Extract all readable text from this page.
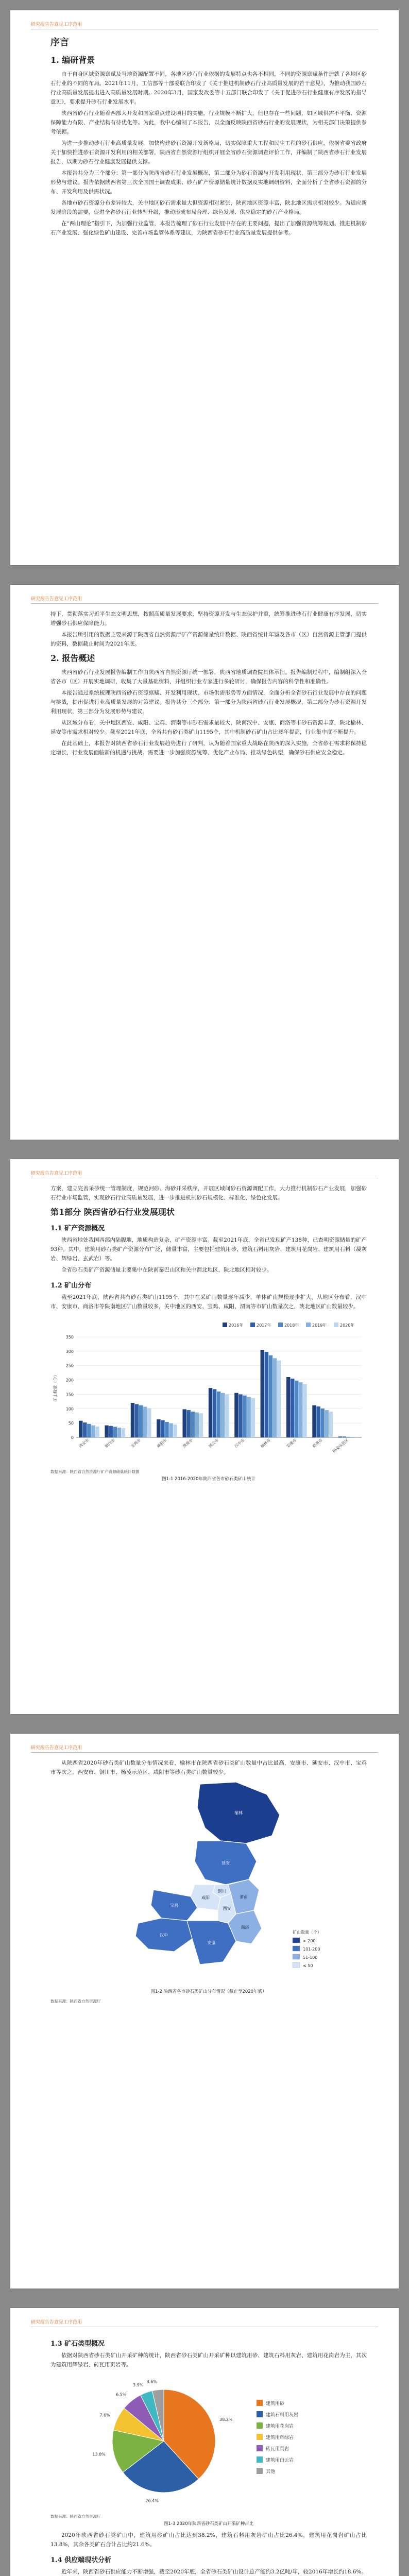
研究报告告意见工序范用
序言
1. 编研背景

由于自身区域资源禀赋及当地资源配置不同，各地区砂石行业依据的发展特点也各不相同，不同的资源禀赋条件造就了各地区砂石行业的不同的布局。2021年11月，工信部等十部委联合印发了《关于推进机制砂石行业高质量发展的若干意见》，为推动我国砂石行业高质量发展提出进入高质量发展时期。2020年3月，国家发改委等十五部门联合印发了《关于促进砂石行业健康有序发展的指导意见》，要求提升砂石行业发展水平。

陕西省砂石行业随着西部大开发和国家重点建设项目的实施，行业规模不断扩大，但也存在一些问题，如区域供需不平衡、资源保障能力有限、产业结构有待优化等。为此，我中心编制了本报告，以全面反映陕西省砂石行业的发展现状，为相关部门决策提供参考依据。

为进一步推动砂石行业高质量发展，加快构建砂石资源开发新格局，切实保障重大工程和民生工程的砂石供应，依据省委省政府关于加快推进砂石资源开发利用的相关部署，陕西省自然资源厅组织开展全省砂石资源调查评价工作，并编制了陕西省砂石行业发展报告，以期为砂石行业健康发展提供支撑。

本报告共分为三个部分：第一部分为陕西省砂石行业发展概况，第二部分为砂石资源与开发利用现状，第三部分为砂石行业发展形势与建议。报告依据陕西省第三次全国国土调查成果、砂石矿产资源储量统计数据及实地调研资料，全面分析了全省砂石资源的分布、开发利用及供需状况。

各地市砂石资源分布差异较大，关中地区砂石需求量大但资源相对紧张，陕南地区资源丰富，陕北地区需求相对较少。为适应新发展阶段的需要，促进全省砂石行业转型升级，推动形成布局合理、绿色发展、供应稳定的砂石产业格局。

在“两山理论”指引下，为加强行业监管，本报告梳理了砂石行业发展中存在的主要问题，提出了加强资源统筹规划、推进机制砂石产业发展、强化绿色矿山建设、完善市场监管体系等建议，为陕西省砂石行业高质量发展提供参考。

研究报告告意见工序范用

持下，贯彻落实习近平生态文明思想，按照高质量发展要求，坚持资源开发与生态保护并重，统筹推进砂石行业健康有序发展，切实增强砂石供应保障能力。

本报告所引用的数据主要来源于陕西省自然资源厅矿产资源储量统计数据、陕西省统计年鉴及各市（区）自然资源主管部门提供的资料，数据截止时间为2021年底。

2. 报告概述

陕西省砂石行业发展报告编制工作由陕西省自然资源厅统一部署，陕西省地质调查院具体承担。报告编制过程中，编制组深入全省各市（区）开展实地调研，收集了大量基础资料，并组织行业专家进行多轮研讨，确保报告内容的科学性和准确性。

本报告通过系统梳理陕西省砂石资源禀赋、开发利用现状、市场供需形势等方面情况，全面分析全省砂石行业发展中存在的问题与挑战，提出促进行业高质量发展的对策建议。报告共分三个部分：第一部分为陕西省砂石行业发展概况，第二部分为砂石资源开发利用现状，第三部分为发展形势与建议。

从区域分布看，关中地区西安、咸阳、宝鸡、渭南等市砂石需求量较大，陕南汉中、安康、商洛等市砂石资源丰富，陕北榆林、延安等市需求相对较少。截至2021年底，全省共有砂石类矿山1195个，其中机制砂石矿山占比逐年提高，行业集中度不断提升。

在此基础上，本报告对陕西省砂石行业发展趋势进行了研判，认为随着国家重大战略在陕西的深入实施，全省砂石需求将保持稳定增长，行业发展面临新的机遇与挑战。需要进一步加强资源统筹、优化产业布局、推动绿色转型，确保砂石供应安全稳定。

研究报告告意见工序范用

方案，建立完善采砂统一管理制度，规范河砂、海砂开采秩序，开展区域间砂石资源调配工作，大力推行机制砂石产业发展，加强砂石行业市场监管，实现砂石行业高质量发展，进一步推进机制砂石规模化、标准化、绿色化发展。

第1部分 陕西省砂石行业发展现状
1.1 矿产资源概况

陕西省地处我国西部内陆腹地，地质构造复杂，矿产资源丰富。截至2021年底，全省已发现矿产138种，已查明资源储量的矿产93种。其中，建筑用砂石类矿产资源分布广泛，储量丰富，主要包括建筑用砂、建筑石料用灰岩、建筑用花岗岩、建筑用石料（凝灰岩、辉绿岩、玄武岩）等。

全省砂石类矿产资源储量主要集中在陕南秦巴山区和关中渭北地区，陕北地区相对较少。

1.2 矿山分布

截至2021年底，陕西省共有砂石类矿山1195个，其中在采矿山数量逐年减少，单体矿山规模逐步扩大。从地区分布看，汉中市、安康市、商洛市等陕南地区矿山数量较多，关中地区的西安、宝鸡、咸阳、渭南等市矿山数量次之，陕北地区矿山数量较少。

0
50
100
150
200
250
300
350
矿山数量（个）
西安市	铜川市	宝鸡市	咸阳市	渭南市	延安市	汉中市	榆林市	安康市	商洛市 杨凌示范区
2016年	2017年	2018年	2019年	2020年
数据来源：陕西省自然资源厅矿产资源储量统计数据
图1-1 2016-2020年陕西省各市砂石类矿山统计
研究报告告意见工序范用

从陕西省2020年砂石类矿山数量分布情况来看，榆林市在陕西省砂石类矿山数量中占比最高，安康市、延安市、汉中市、宝鸡市等次之，西安市、铜川市、杨凌示范区、咸阳市等砂石类矿山数量较少。

榆林
延安
铜川
宝鸡
咸阳
西安
渭南
汉中
安康
商洛
矿山数量（个）
> 200
101-200
51-100
≤ 50
图1-2 陕西省各市砂石类矿山分布情况（截止至2020年底）
数据来源：陕西省自然资源厅
研究报告告意见工序范用
1.3 矿石类型概况

依据对陕西省砂石类矿山开采矿种的统计，陕西省砂石类矿山开采矿种以建筑用砂、建筑石料用灰岩、建筑用花岗岩为主，其次为建筑用辉绿岩、砖瓦用页岩等。

38.2%
26.4%
13.8%
7.6%
6.5%
3.9%
3.6%
建筑用砂
建筑石料用灰岩
建筑用花岗岩
建筑用辉绿岩
砖瓦用页岩
建筑用白云岩
其他
数据来源：陕西省自然资源厅
图1-3 2020年陕西省砂石类矿山开采矿种占比

2020年陕西省砂石类矿山中，建筑用砂矿山占比达到38.2%，建筑石料用灰岩矿山占比26.4%，建筑用花岗岩矿山占比13.8%，其余各类矿石合计占比约21.6%。

1.4 供应端现状分析

近年来，陕西省砂石供应能力不断增强，截至2020年底，全省砂石类矿山设计总产能约3.2亿吨/年，较2016年增长约18.6%。
